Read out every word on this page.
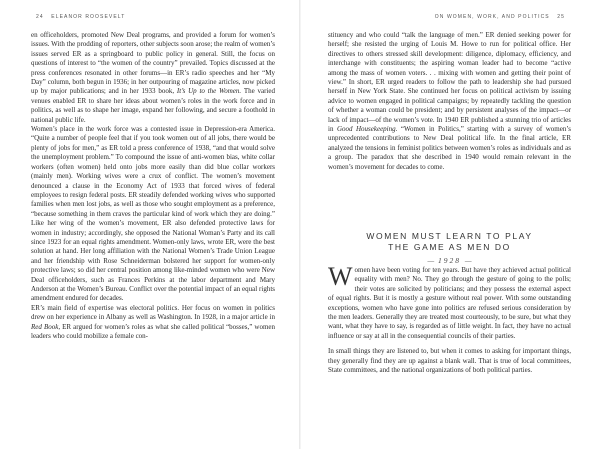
24 ELEANOR ROOSEVELT

en officeholders, promoted New Deal programs, and provided a forum for women’s issues. With the prodding of reporters, other subjects soon arose; the realm of women’s issues served ER as a springboard to public policy in general. Still, the focus on questions of interest to “the women of the country” prevailed. Topics discussed at the press conferences resonated in other forums—in ER’s radio speeches and her “My Day” column, both begun in 1936; in her outpouring of magazine articles, now picked up by major publications; and in her 1933 book, It’s Up to the Women. The varied venues enabled ER to share her ideas about women’s roles in the work force and in politics, as well as to shape her image, expand her following, and secure a foothold in national public life.

Women’s place in the work force was a contested issue in Depression-era America. “Quite a number of people feel that if you took women out of all jobs, there would be plenty of jobs for men,” as ER told a press conference of 1938, “and that would solve the unemployment problem.” To compound the issue of anti-women bias, white collar workers (often women) held onto jobs more easily than did blue collar workers (mainly men). Working wives were a crux of conflict. The women’s movement denounced a clause in the Economy Act of 1933 that forced wives of federal employees to resign federal posts. ER steadily defended working wives who supported families when men lost jobs, as well as those who sought employment as a preference, “because something in them craves the particular kind of work which they are doing.” Like her wing of the women’s movement, ER also defended protective laws for women in industry; accordingly, she opposed the National Woman’s Party and its call since 1923 for an equal rights amendment. Women-only laws, wrote ER, were the best solution at hand. Her long affiliation with the National Women’s Trade Union League and her friendship with Rose Schneiderman bolstered her support for women-only protective laws; so did her central position among like-minded women who were New Deal officeholders, such as Frances Perkins at the labor department and Mary Anderson at the Women’s Bureau. Conflict over the potential impact of an equal rights amendment endured for decades.

ER’s main field of expertise was electoral politics. Her focus on women in politics drew on her experience in Albany as well as Washington. In 1928, in a major article in Red Book, ER argued for women’s roles as what she called political “bosses,” women leaders who could mobilize a female con-

ON WOMEN, WORK, AND POLITICS 25

stituency and who could “talk the language of men.” ER denied seeking power for herself; she resisted the urging of Louis M. Howe to run for political office. Her directives to others stressed skill development: diligence, diplomacy, efficiency, and interchange with constituents; the aspiring woman leader had to become “active among the mass of women voters. . . mixing with women and getting their point of view.” In short, ER urged readers to follow the path to leadership she had pursued herself in New York State. She continued her focus on political activism by issuing advice to women engaged in political campaigns; by repeatedly tackling the question of whether a woman could be president; and by persistent analyses of the impact—or lack of impact—of the women’s vote. In 1940 ER published a stunning trio of articles in Good Housekeeping. “Women in Politics,” starting with a survey of women’s unprecedented contributions to New Deal political life. In the final article, ER analyzed the tensions in feminist politics between women’s roles as individuals and as a group. The paradox that she described in 1940 would remain relevant in the women’s movement for decades to come.

WOMEN MUST LEARN TO PLAY
THE GAME AS MEN DO
— 1928 —

Women have been voting for ten years. But have they achieved actual political equality with men? No. They go through the gesture of going to the polls; their votes are solicited by politicians; and they possess the external aspect of equal rights. But it is mostly a gesture without real power. With some outstanding exceptions, women who have gone into politics are refused serious consideration by the men leaders. Generally they are treated most courteously, to be sure, but what they want, what they have to say, is regarded as of little weight. In fact, they have no actual influence or say at all in the consequential councils of their parties.

In small things they are listened to, but when it comes to asking for important things, they generally find they are up against a blank wall. That is true of local committees, State committees, and the national organizations of both political parties.
